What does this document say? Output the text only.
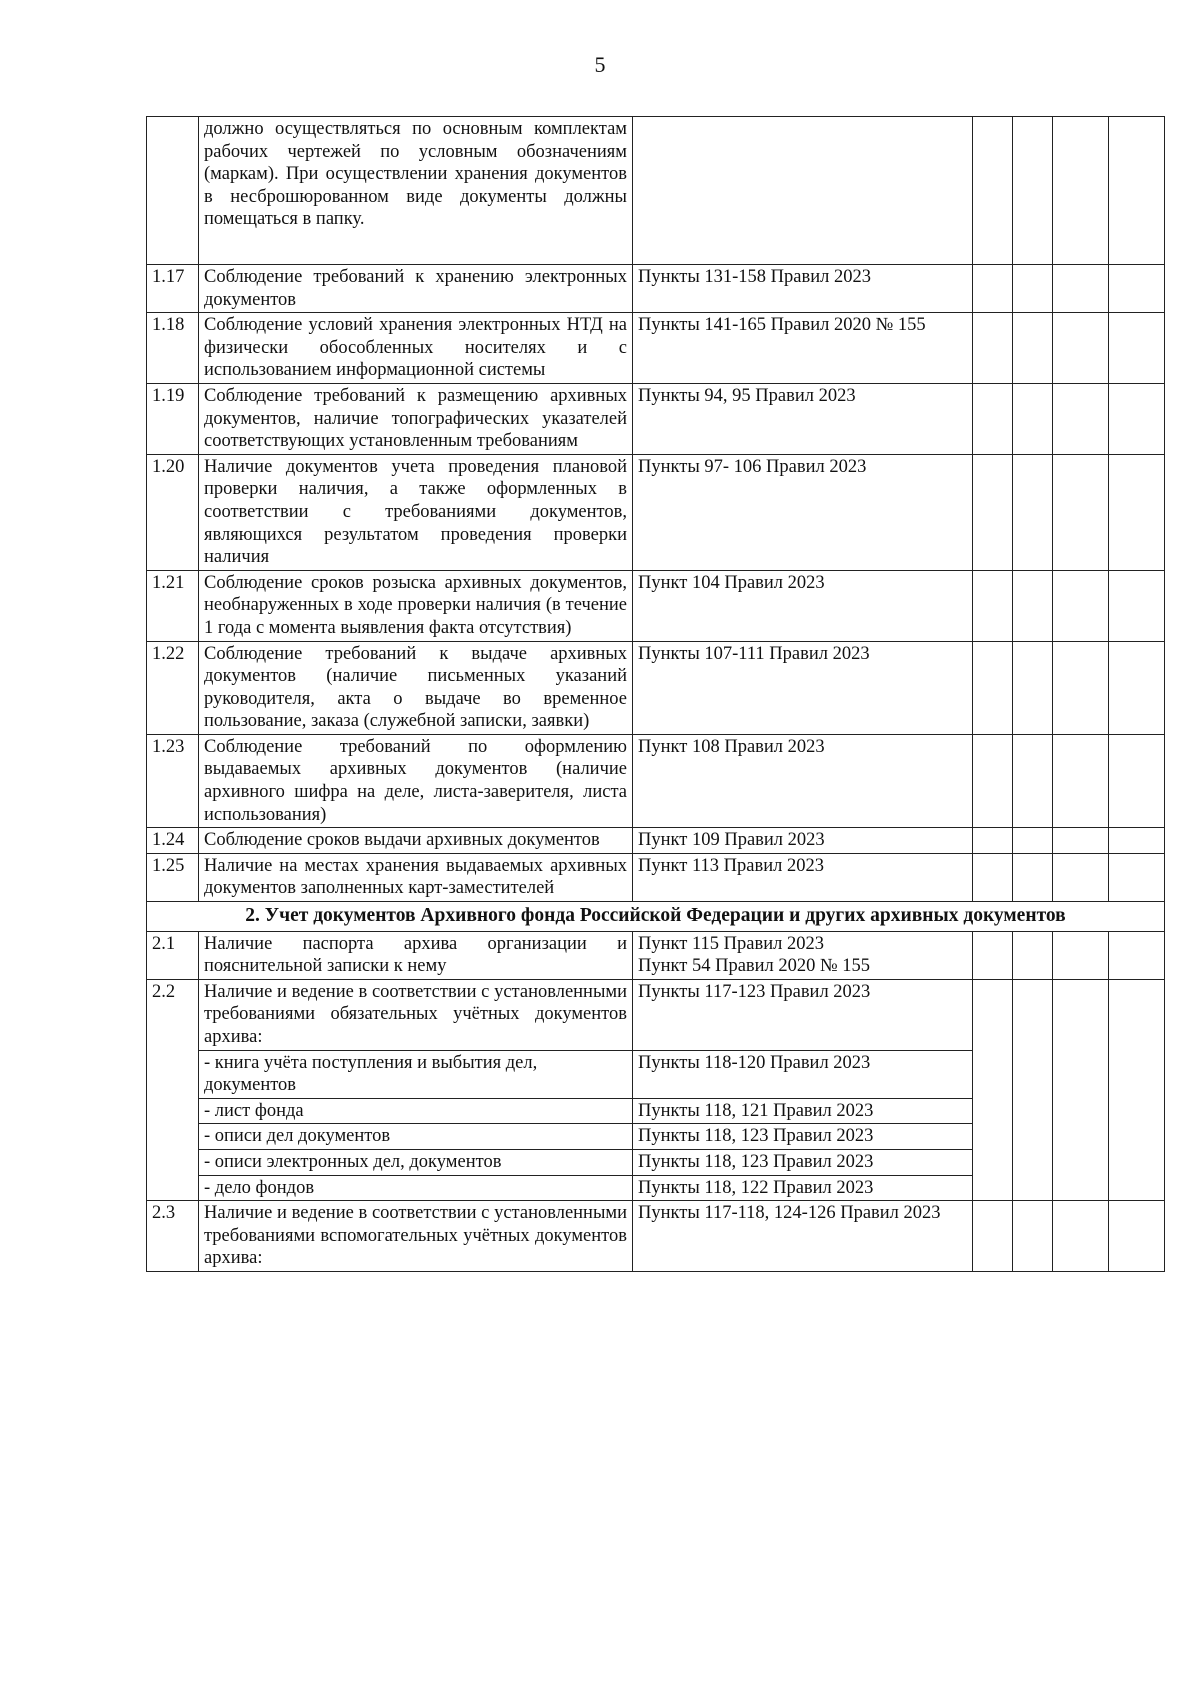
5
	должно осуществляться по основным комплектам рабочих чертежей по условным обозначениям (маркам). При осуществлении хранения документов в несброшюрованном виде документы должны помещаться в папку.					
1.17	Соблюдение требований к хранению электронных документов	Пункты 131-158 Правил 2023				
1.18	Соблюдение условий хранения электронных НТД на физически обособленных носителях и с использованием информационной системы	Пункты 141-165 Правил 2020 № 155				
1.19	Соблюдение требований к размещению архивных документов, наличие топографических указателей соответствующих установленным требованиям	Пункты 94, 95 Правил 2023				
1.20	Наличие документов учета проведения плановой проверки наличия, а также оформленных в соответствии с требованиями документов, являющихся результатом проведения проверки наличия	Пункты 97- 106 Правил 2023				
1.21	Соблюдение сроков розыска архивных документов, необнаруженных в ходе проверки наличия (в течение 1 года с момента выявления факта отсутствия)	Пункт 104 Правил 2023				
1.22	Соблюдение требований к выдаче архивных документов (наличие письменных указаний руководителя, акта о выдаче во временное пользование, заказа (служебной записки, заявки)	Пункты 107-111 Правил 2023				
1.23	Соблюдение требований по оформлению выдаваемых архивных документов (наличие архивного шифра на деле, листа-заверителя, листа использования)	Пункт 108 Правил 2023				
1.24	Соблюдение сроков выдачи архивных документов	Пункт 109 Правил 2023				
1.25	Наличие на местах хранения выдаваемых архивных документов заполненных карт-заместителей	Пункт 113 Правил 2023				
2. Учет документов Архивного фонда Российской Федерации и других архивных документов						
2.1	Наличие паспорта архива организации и пояснительной записки к нему	Пункт 115 Правил 2023
Пункт 54 Правил 2020 № 155				

2.2	Наличие и ведение в соответствии с установленными требованиями обязательных учётных документов архива:	Пункты 117-123 Правил 2023				
	- книга учёта поступления и выбытия дел, документов	Пункты 118-120 Правил 2023				
	- лист фонда	Пункты 118, 121 Правил 2023				
	- описи дел документов	Пункты 118, 123 Правил 2023				
	- описи электронных дел, документов	Пункты 118, 123 Правил 2023				
	- дело фондов	Пункты 118, 122 Правил 2023				
2.3	Наличие и ведение в соответствии с установленными требованиями вспомогательных учётных документов архива:	Пункты 117-118, 124-126 Правил 2023				
